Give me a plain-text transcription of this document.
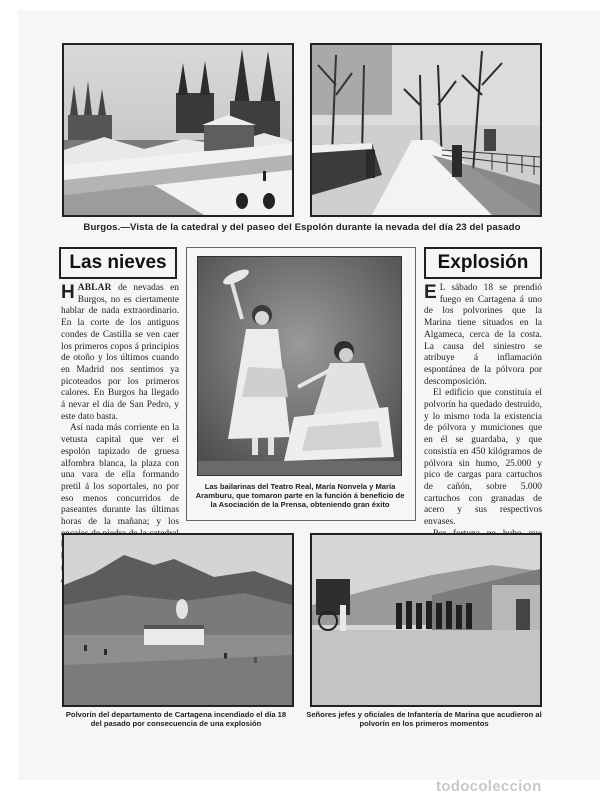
Burgos.—Vista de la catedral y del paseo del Espolón durante la nevada del día 23 del pasado
Las nieves

HABLAR de nevadas en Burgos, no es ciertamente hablar de nada extraordinario. En la corte de los antiguos condes de Castilla se ven caer los primeros copos á principios de otoño y los últimos cuando en Madrid nos sentimos ya picoteados por los primeros calores. En Burgos ha llegado á nevar el día de San Pedro, y este dato basta.

Así nada más corriente en la vetusta capital que ver el espolón tapizado de gruesa alfombra blanca, la plaza con una vara de ella formando pretil á los soportales, no por eso menos concurridos de paseantes durante las últimas horas de la mañana; y los

Las bailarinas del Teatro Real, María Nonvela y María Aramburu, que tomaron parte en la función á beneficio de la Asociación de la Prensa, obteniendo gran éxito
Explosión

E L sábado 18 se prendió fuego en Cartagena á uno de los polvorines que la Marina tiene situados en la Algameca, cerca de la costa. La causa del siniestro se atribuye á inflamación espontánea de la pólvora por descomposición.

El edificio que constituía el polvorín ha quedado destruido, y lo mismo toda la existencia de pólvora y municiones que en él se guardaba, y que consistía en 450 kilógramos de pólvora sin humo, 25.000 y pico de cargas para cartuchos de cañón, sobre 5.000 cartuchos con granadas de acero y sus respectivos envases.

Polvorín del departamento de Cartagena incendiado el día 18 del pasado por consecuencia de una explosión
Señores jefes y oficiales de Infantería de Marina que acudieron al polvorín en los primeros momentos
todocoleccion
